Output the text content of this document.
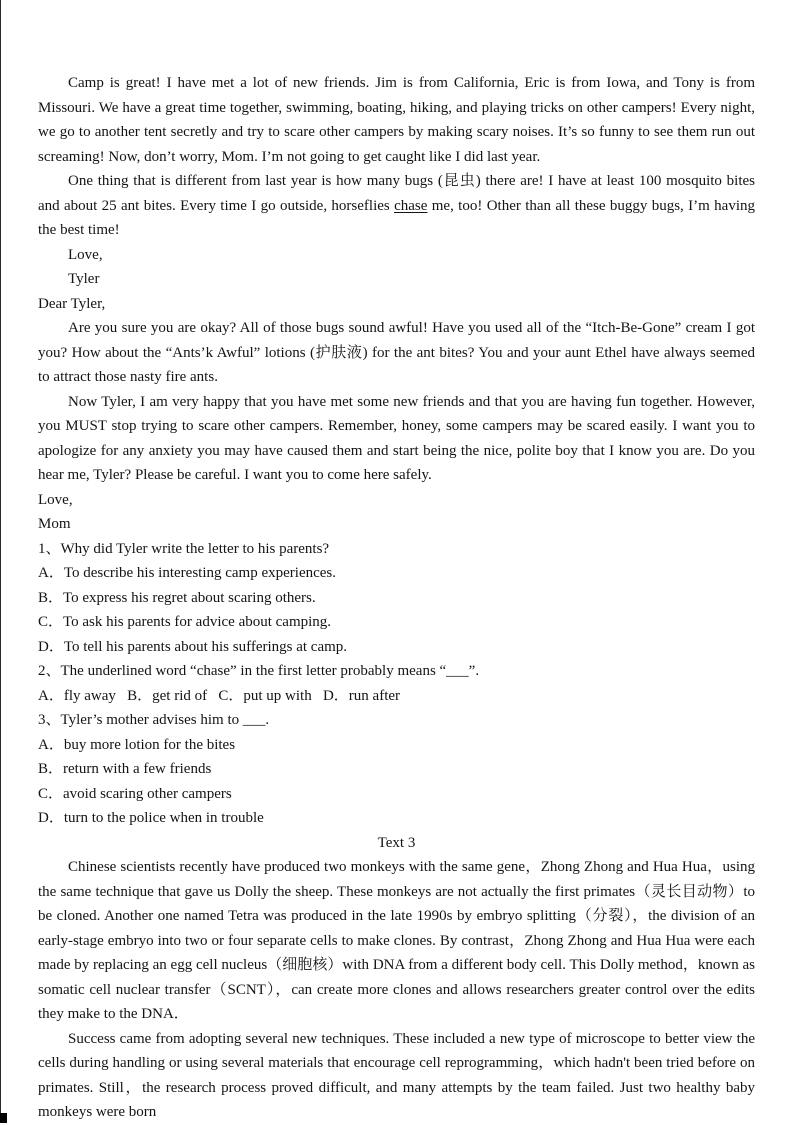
Camp is great! I have met a lot of new friends. Jim is from California, Eric is from Iowa, and Tony is from Missouri. We have a great time together, swimming, boating, hiking, and playing tricks on other campers! Every night, we go to another tent secretly and try to scare other campers by making scary noises. It’s so funny to see them run out screaming! Now, don’t worry, Mom. I’m not going to get caught like I did last year.

One thing that is different from last year is how many bugs (昆虫) there are! I have at least 100 mosquito bites and about 25 ant bites. Every time I go outside, horseflies chase me, too! Other than all these buggy bugs, I’m having the best time!

Love,

Tyler

Dear Tyler,

Are you sure you are okay? All of those bugs sound awful! Have you used all of the “Itch-Be-Gone” cream I got you? How about the “Ants’k Awful” lotions (护肤液) for the ant bites? You and your aunt Ethel have always seemed to attract those nasty fire ants.

Now Tyler, I am very happy that you have met some new friends and that you are having fun together. However, you MUST stop trying to scare other campers. Remember, honey, some campers may be scared easily. I want you to apologize for any anxiety you may have caused them and start being the nice, polite boy that I know you are. Do you hear me, Tyler? Please be careful. I want you to come here safely.

Love,

Mom

1、Why did Tyler write the letter to his parents?

A．To describe his interesting camp experiences.

B．To express his regret about scaring others.

C．To ask his parents for advice about camping.

D．To tell his parents about his sufferings at camp.

2、The underlined word “chase” in the first letter probably means “___”.

A．fly away   B．get rid of   C．put up with   D．run after

3、Tyler’s mother advises him to ___.

A．buy more lotion for the bites

B．return with a few friends

C．avoid scaring other campers

D．turn to the police when in trouble

Text 3

Chinese scientists recently have produced two monkeys with the same gene，Zhong Zhong and Hua Hua，using the same technique that gave us Dolly the sheep. These monkeys are not actually the first primates（灵长目动物）to be cloned. Another one named Tetra was produced in the late 1990s by embryo splitting（分裂），the division of an early-stage embryo into two or four separate cells to make clones. By contrast，Zhong Zhong and Hua Hua were each made by replacing an egg cell nucleus（细胞核）with DNA from a different body cell. This Dolly method，known as somatic cell nuclear transfer（SCNT），can create more clones and allows researchers greater control over the edits they make to the DNA．

Success came from adopting several new techniques. These included a new type of microscope to better view the cells during handling or using several materials that encourage cell reprogramming，which hadn't been tried before on primates. Still，the research process proved difficult, and many attempts by the team failed. Just two healthy baby monkeys were born
